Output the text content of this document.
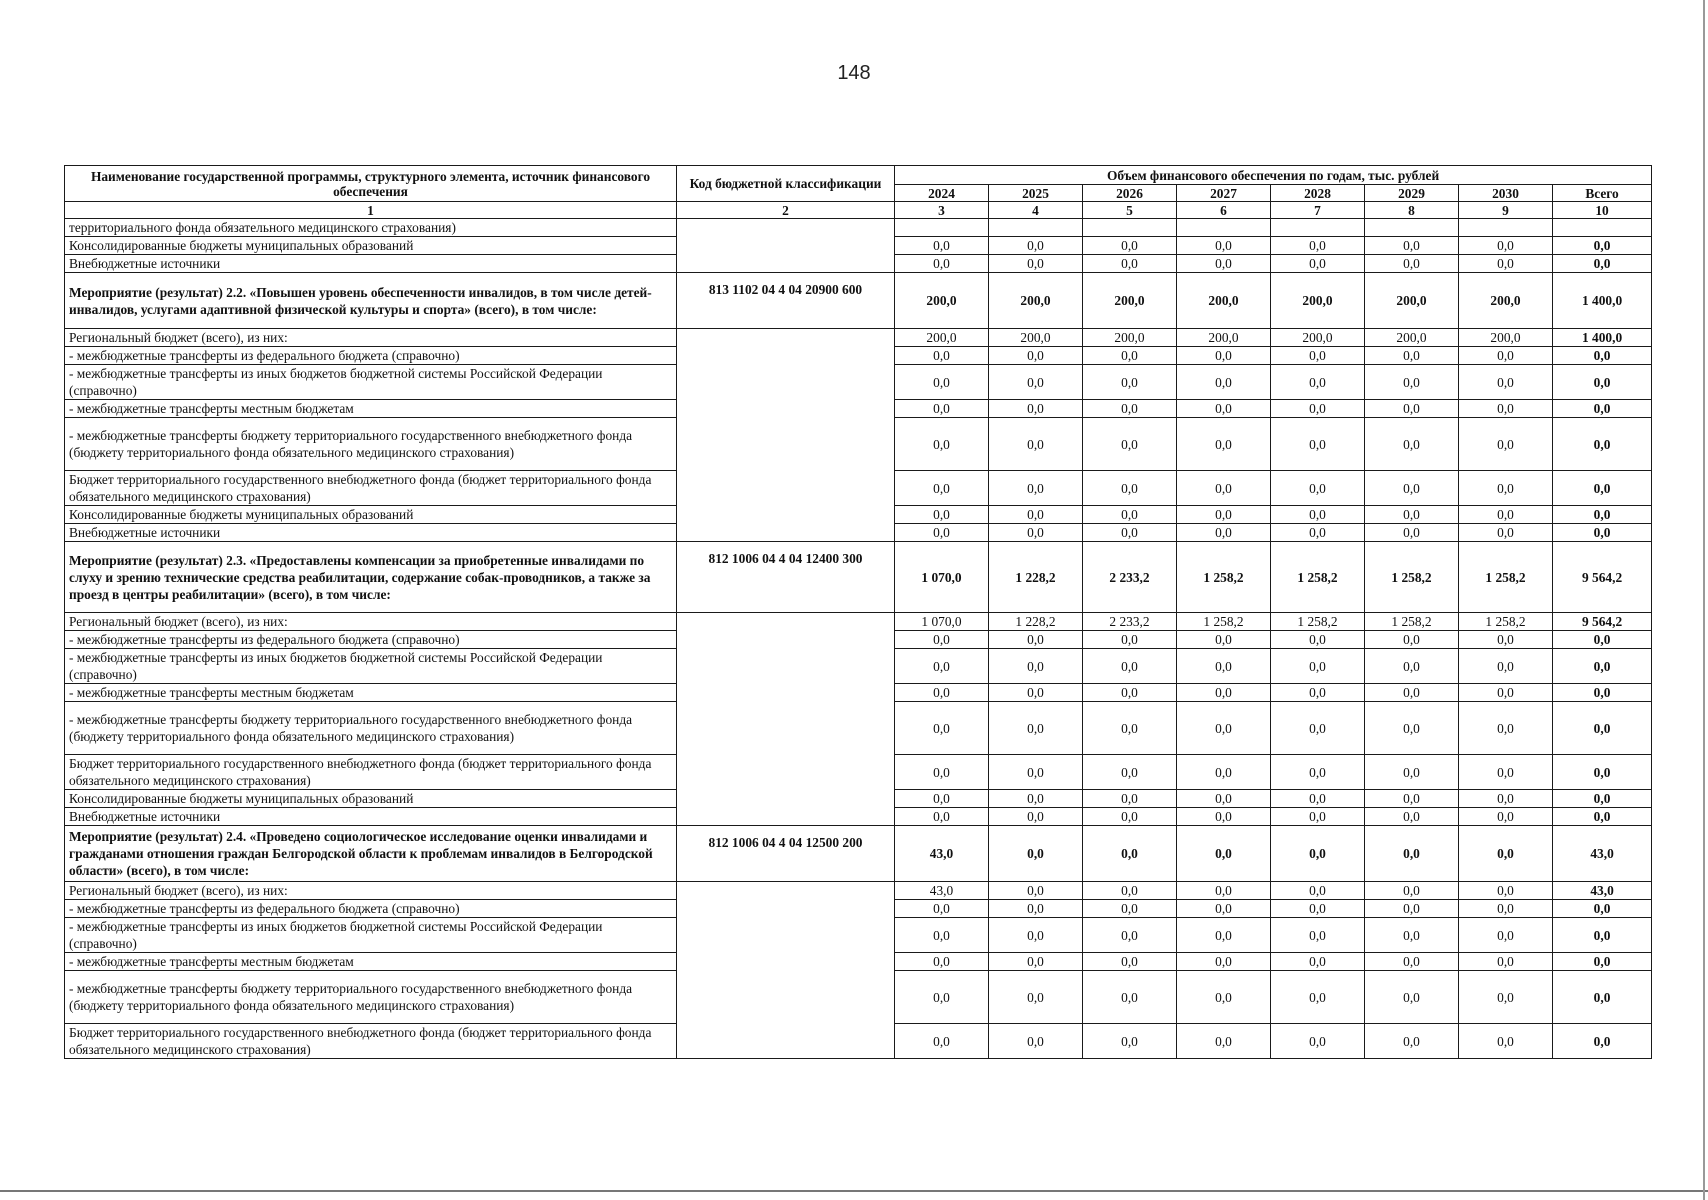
148
Наименование государственной программы, структурного элемента, источник финансового обеспечения	Код бюджетной классификации	Объем финансового обеспечения по годам, тыс. рублей							
		2024	2025	2026	2027	2028	2029	2030	Всего
1	2	3	4	5	6	7	8	9	10
территориального фонда обязательного медицинского страхования)									
Консолидированные бюджеты муниципальных образований		0,0	0,0	0,0	0,0	0,0	0,0	0,0	0,0
Внебюджетные источники		0,0	0,0	0,0	0,0	0,0	0,0	0,0	0,0
Мероприятие (результат) 2.2. «Повышен уровень обеспеченности инвалидов, в том числе детей-инвалидов, услугами адаптивной физической культуры и спорта» (всего), в том числе:	813 1102 04 4 04 20900 600	200,0	200,0	200,0	200,0	200,0	200,0	200,0	1 400,0
Региональный бюджет (всего), из них:		200,0	200,0	200,0	200,0	200,0	200,0	200,0	1 400,0
- межбюджетные трансферты из федерального бюджета (справочно)		0,0	0,0	0,0	0,0	0,0	0,0	0,0	0,0
- межбюджетные трансферты из иных бюджетов бюджетной системы Российской Федерации (справочно)		0,0	0,0	0,0	0,0	0,0	0,0	0,0	0,0
- межбюджетные трансферты местным бюджетам		0,0	0,0	0,0	0,0	0,0	0,0	0,0	0,0
- межбюджетные трансферты бюджету территориального государственного внебюджетного фонда (бюджету территориального фонда обязательного медицинского страхования)		0,0	0,0	0,0	0,0	0,0	0,0	0,0	0,0
Бюджет территориального государственного внебюджетного фонда (бюджет территориального фонда обязательного медицинского страхования)		0,0	0,0	0,0	0,0	0,0	0,0	0,0	0,0
Консолидированные бюджеты муниципальных образований		0,0	0,0	0,0	0,0	0,0	0,0	0,0	0,0
Внебюджетные источники		0,0	0,0	0,0	0,0	0,0	0,0	0,0	0,0
Мероприятие (результат) 2.3. «Предоставлены компенсации за приобретенные инвалидами по слуху и зрению технические средства реабилитации, содержание собак-проводников, а также за проезд в центры реабилитации» (всего), в том числе:	812 1006 04 4 04 12400 300	1 070,0	1 228,2	2 233,2	1 258,2	1 258,2	1 258,2	1 258,2	9 564,2
Региональный бюджет (всего), из них:		1 070,0	1 228,2	2 233,2	1 258,2	1 258,2	1 258,2	1 258,2	9 564,2
- межбюджетные трансферты из федерального бюджета (справочно)		0,0	0,0	0,0	0,0	0,0	0,0	0,0	0,0
- межбюджетные трансферты из иных бюджетов бюджетной системы Российской Федерации (справочно)		0,0	0,0	0,0	0,0	0,0	0,0	0,0	0,0
- межбюджетные трансферты местным бюджетам		0,0	0,0	0,0	0,0	0,0	0,0	0,0	0,0
- межбюджетные трансферты бюджету территориального государственного внебюджетного фонда (бюджету территориального фонда обязательного медицинского страхования)		0,0	0,0	0,0	0,0	0,0	0,0	0,0	0,0
Бюджет территориального государственного внебюджетного фонда (бюджет территориального фонда обязательного медицинского страхования)		0,0	0,0	0,0	0,0	0,0	0,0	0,0	0,0
Консолидированные бюджеты муниципальных образований		0,0	0,0	0,0	0,0	0,0	0,0	0,0	0,0
Внебюджетные источники		0,0	0,0	0,0	0,0	0,0	0,0	0,0	0,0
Мероприятие (результат) 2.4. «Проведено социологическое исследование оценки инвалидами и гражданами отношения граждан Белгородской области к проблемам инвалидов в Белгородской области» (всего), в том числе:	812 1006 04 4 04 12500 200	43,0	0,0	0,0	0,0	0,0	0,0	0,0	43,0
Региональный бюджет (всего), из них:		43,0	0,0	0,0	0,0	0,0	0,0	0,0	43,0
- межбюджетные трансферты из федерального бюджета (справочно)		0,0	0,0	0,0	0,0	0,0	0,0	0,0	0,0
- межбюджетные трансферты из иных бюджетов бюджетной системы Российской Федерации (справочно)		0,0	0,0	0,0	0,0	0,0	0,0	0,0	0,0
- межбюджетные трансферты местным бюджетам		0,0	0,0	0,0	0,0	0,0	0,0	0,0	0,0
- межбюджетные трансферты бюджету территориального государственного внебюджетного фонда (бюджету территориального фонда обязательного медицинского страхования)		0,0	0,0	0,0	0,0	0,0	0,0	0,0	0,0
Бюджет территориального государственного внебюджетного фонда (бюджет территориального фонда обязательного медицинского страхования)		0,0	0,0	0,0	0,0	0,0	0,0	0,0	0,0
